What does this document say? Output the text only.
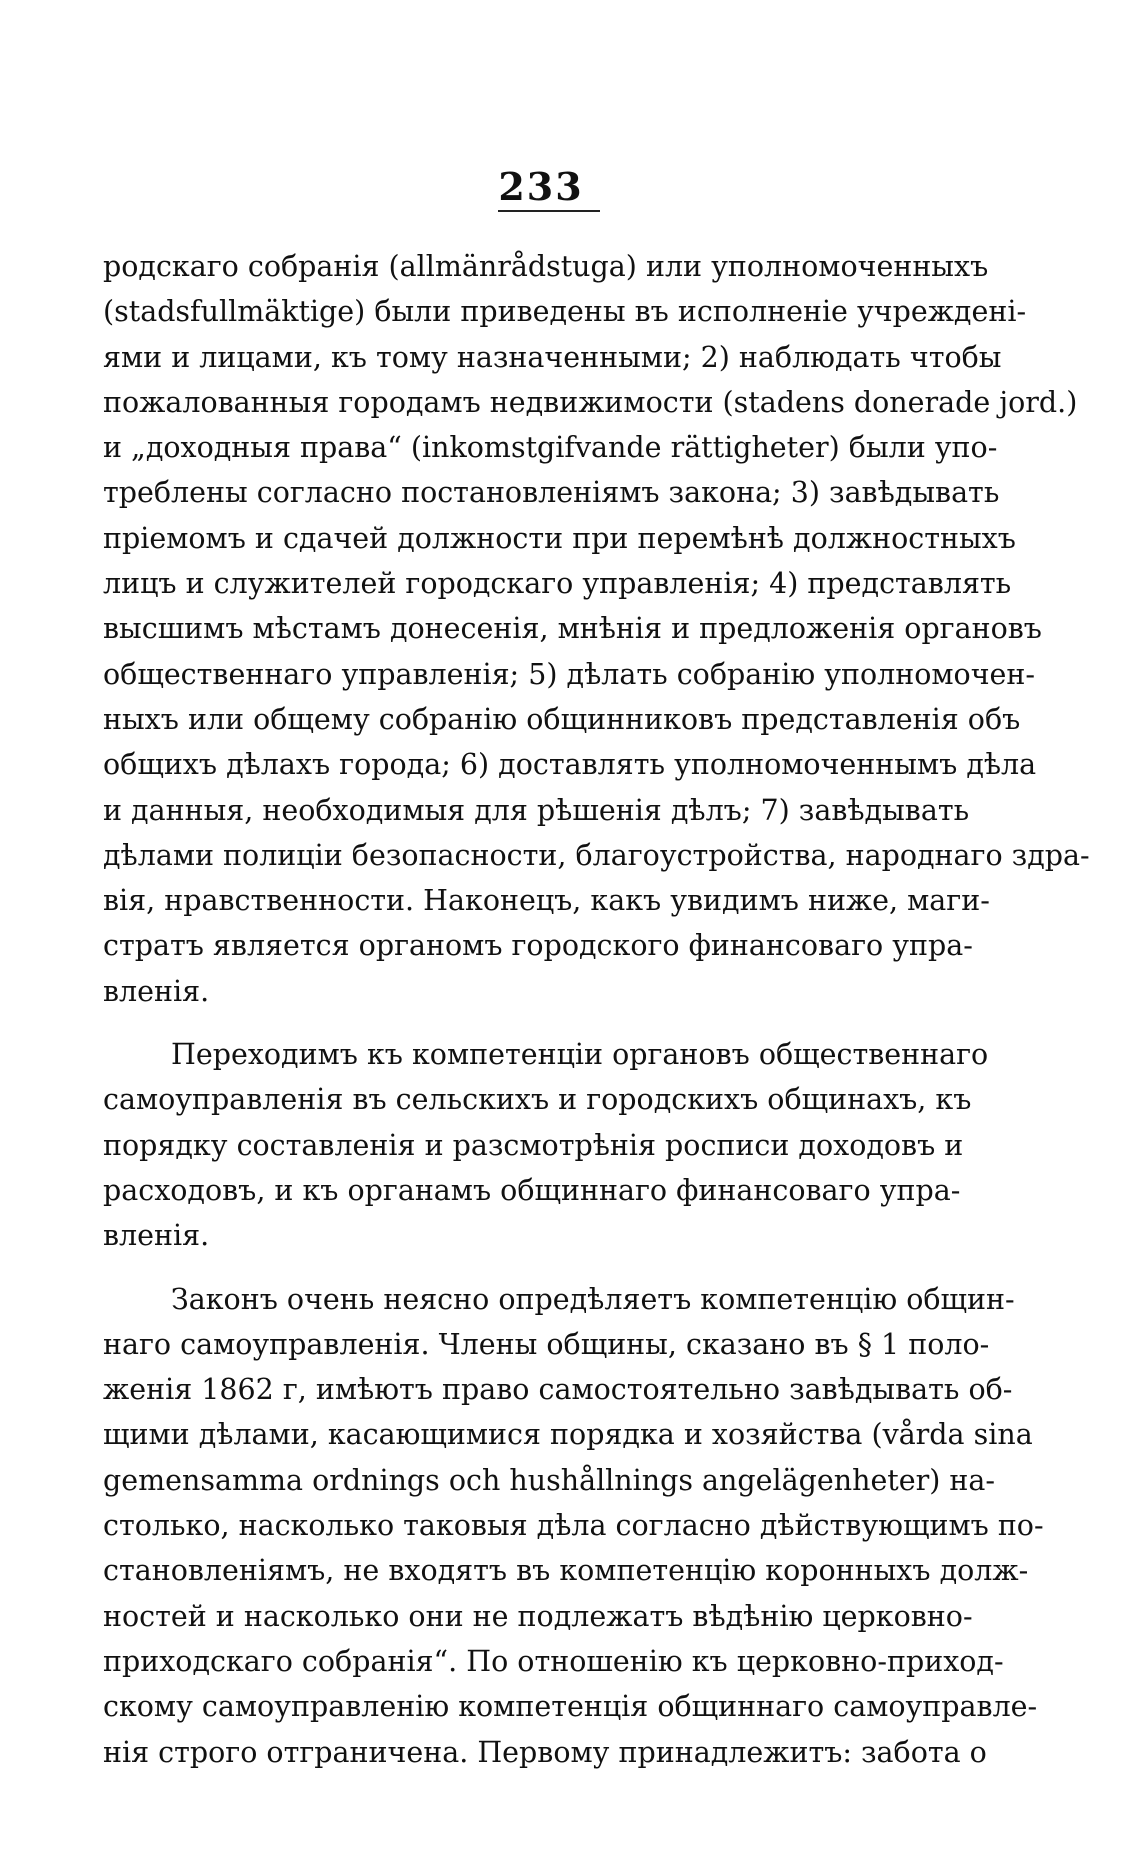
233
родскаго собранія (allmänrådstuga) или уполномоченныхъ
(stadsfullmäktige) были приведены въ исполненіе учрежденi-
ями и лицами, къ тому назначенными; 2) наблюдать чтобы
пожалованныя городамъ недвижимости (stadens donerade jord.)
и „доходныя права“ (inkomstgifvande rättigheter) были упо-
треблены согласно постановленіямъ закона; 3) завѣдывать
пріемомъ и сдачей должности при перемѣнѣ должностныхъ
лицъ и служителей городскаго управленія; 4) представлять
высшимъ мѣстамъ донесенія, мнѣнія и предложенія органовъ
общественнаго управленія; 5) дѣлать собранію уполномочен-
ныхъ или общему собранію общинниковъ представленія объ
общихъ дѣлахъ города; 6) доставлять уполномоченнымъ дѣла
и данныя, необходимыя для рѣшенія дѣлъ; 7) завѣдывать
дѣлами полиціи безопасности, благоустройства, народнаго здра-
вія, нравственности. Наконецъ, какъ увидимъ ниже, маги-
стратъ является органомъ городского финансоваго упра-
вленія.
Переходимъ къ компетенціи органовъ общественнаго
самоуправленія въ сельскихъ и городскихъ общинахъ, къ
порядку составленія и разсмотрѣнія росписи доходовъ и
расходовъ, и къ органамъ общиннаго финансоваго упра-
вленія.
Законъ очень неясно опредѣляетъ компетенцію общин-
наго самоуправленія. Члены общины, сказано въ § 1 поло-
женія 1862 г, имѣютъ право самостоятельно завѣдывать об-
щими дѣлами, касающимися порядка и хозяйства (vårda sina
gemensamma ordnings och hushållnings angelägenheter) на-
столько, насколько таковыя дѣла согласно дѣйствующимъ по-
становленіямъ, не входятъ въ компетенцію коронныхъ долж-
ностей и насколько они не подлежатъ вѣдѣнію церковно-
приходскаго собранія“. По отношенію къ церковно-приход-
скому самоуправленію компетенція общиннаго самоуправле-
нія строго отграничена. Первому принадлежитъ: забота о
